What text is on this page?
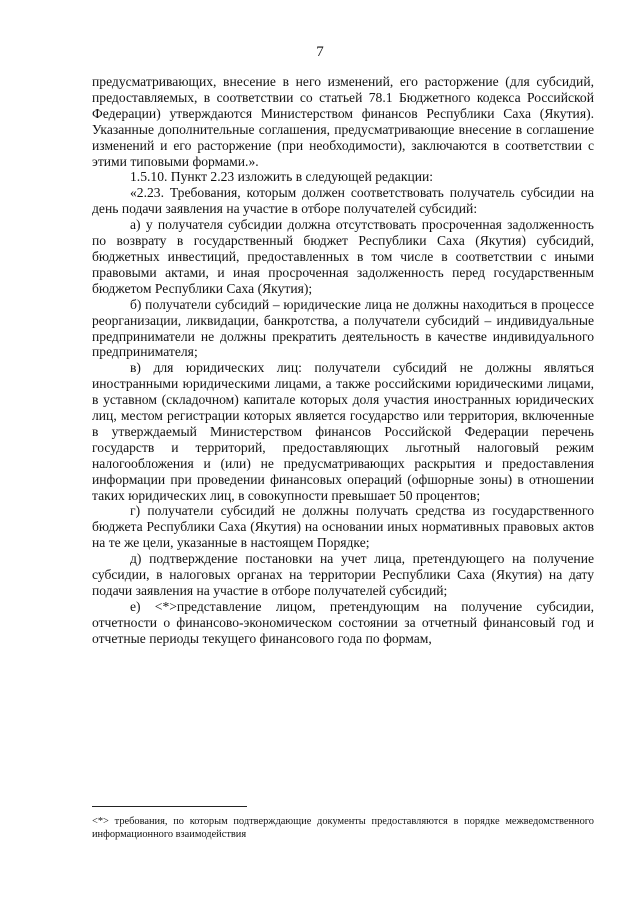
7

предусматривающих, внесение в него изменений, его расторжение (для субсидий, предоставляемых, в соответствии со статьей 78.1 Бюджетного кодекса Российской Федерации) утверждаются Министерством финансов Республики Саха (Якутия). Указанные дополнительные соглашения, предусматривающие внесение в соглашение изменений и его расторжение (при необходимости), заключаются в соответствии с этими типовыми формами.».

1.5.10. Пункт 2.23 изложить в следующей редакции:

«2.23. Требования, которым должен соответствовать получатель субсидии на день подачи заявления на участие в отборе получателей субсидий:

а) у получателя субсидии должна отсутствовать просроченная задолженность по возврату в государственный бюджет Республики Саха (Якутия) субсидий, бюджетных инвестиций, предоставленных в том числе в соответствии с иными правовыми актами, и иная просроченная задолженность перед государственным бюджетом Республики Саха (Якутия);

б) получатели субсидий – юридические лица не должны находиться в процессе реорганизации, ликвидации, банкротства, а получатели субсидий – индивидуальные предприниматели не должны прекратить деятельность в качестве индивидуального предпринимателя;

в) для юридических лиц: получатели субсидий не должны являться иностранными юридическими лицами, а также российскими юридическими лицами, в уставном (складочном) капитале которых доля участия иностранных юридических лиц, местом регистрации которых является государство или территория, включенные в утверждаемый Министерством финансов Российской Федерации перечень государств и территорий, предоставляющих льготный налоговый режим налогообложения и (или) не предусматривающих раскрытия и предоставления информации при проведении финансовых операций (офшорные зоны) в отношении таких юридических лиц, в совокупности превышает 50 процентов;

г) получатели субсидий не должны получать средства из государственного бюджета Республики Саха (Якутия) на основании иных нормативных правовых актов на те же цели, указанные в настоящем Порядке;

д) подтверждение постановки на учет лица, претендующего на получение субсидии, в налоговых органах на территории Республики Саха (Якутия) на дату подачи заявления на участие в отборе получателей субсидий;

е) <*>представление лицом, претендующим на получение субсидии, отчетности о финансово-экономическом состоянии за отчетный финансовый год и отчетные периоды текущего финансового года по формам,

<*> требования, по которым подтверждающие документы предоставляются в порядке межведомственного информационного взаимодействия
